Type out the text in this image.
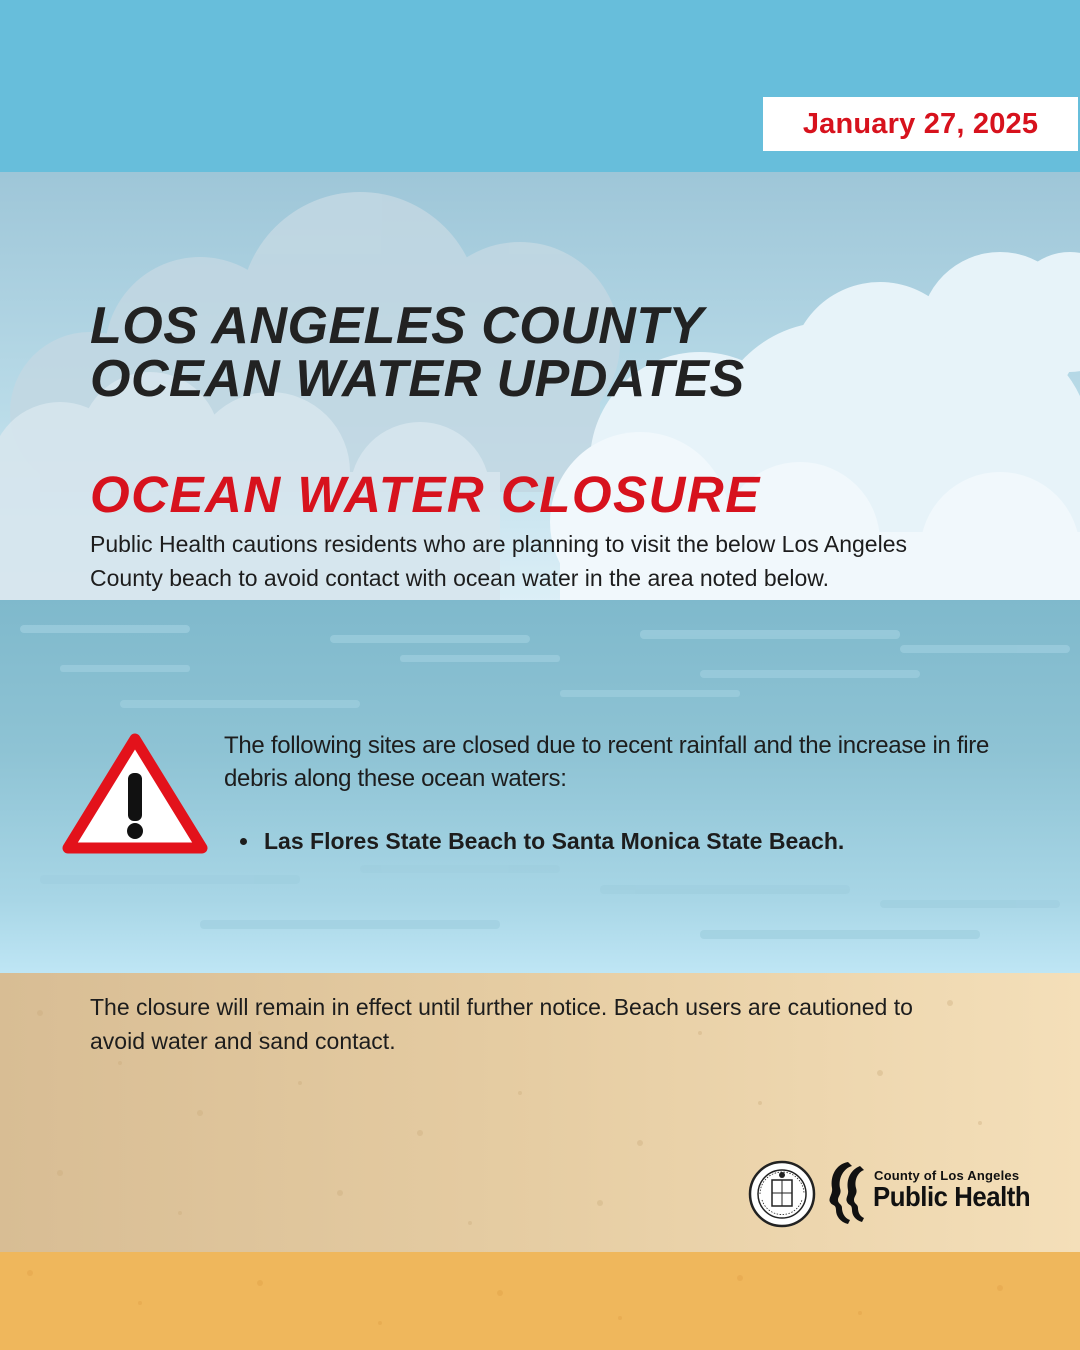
January 27, 2025
LOS ANGELES COUNTY
OCEAN WATER UPDATES
OCEAN WATER CLOSURE

Public Health cautions residents who are planning to visit the below Los Angeles County beach to avoid contact with ocean water in the area noted below.

The following sites are closed due to recent rainfall and the increase in fire debris along these ocean waters:

Las Flores State Beach to Santa Monica State Beach.

The closure will remain in effect until further notice. Beach users are cautioned to avoid water and sand contact.

County of Los Angeles
Public Health
